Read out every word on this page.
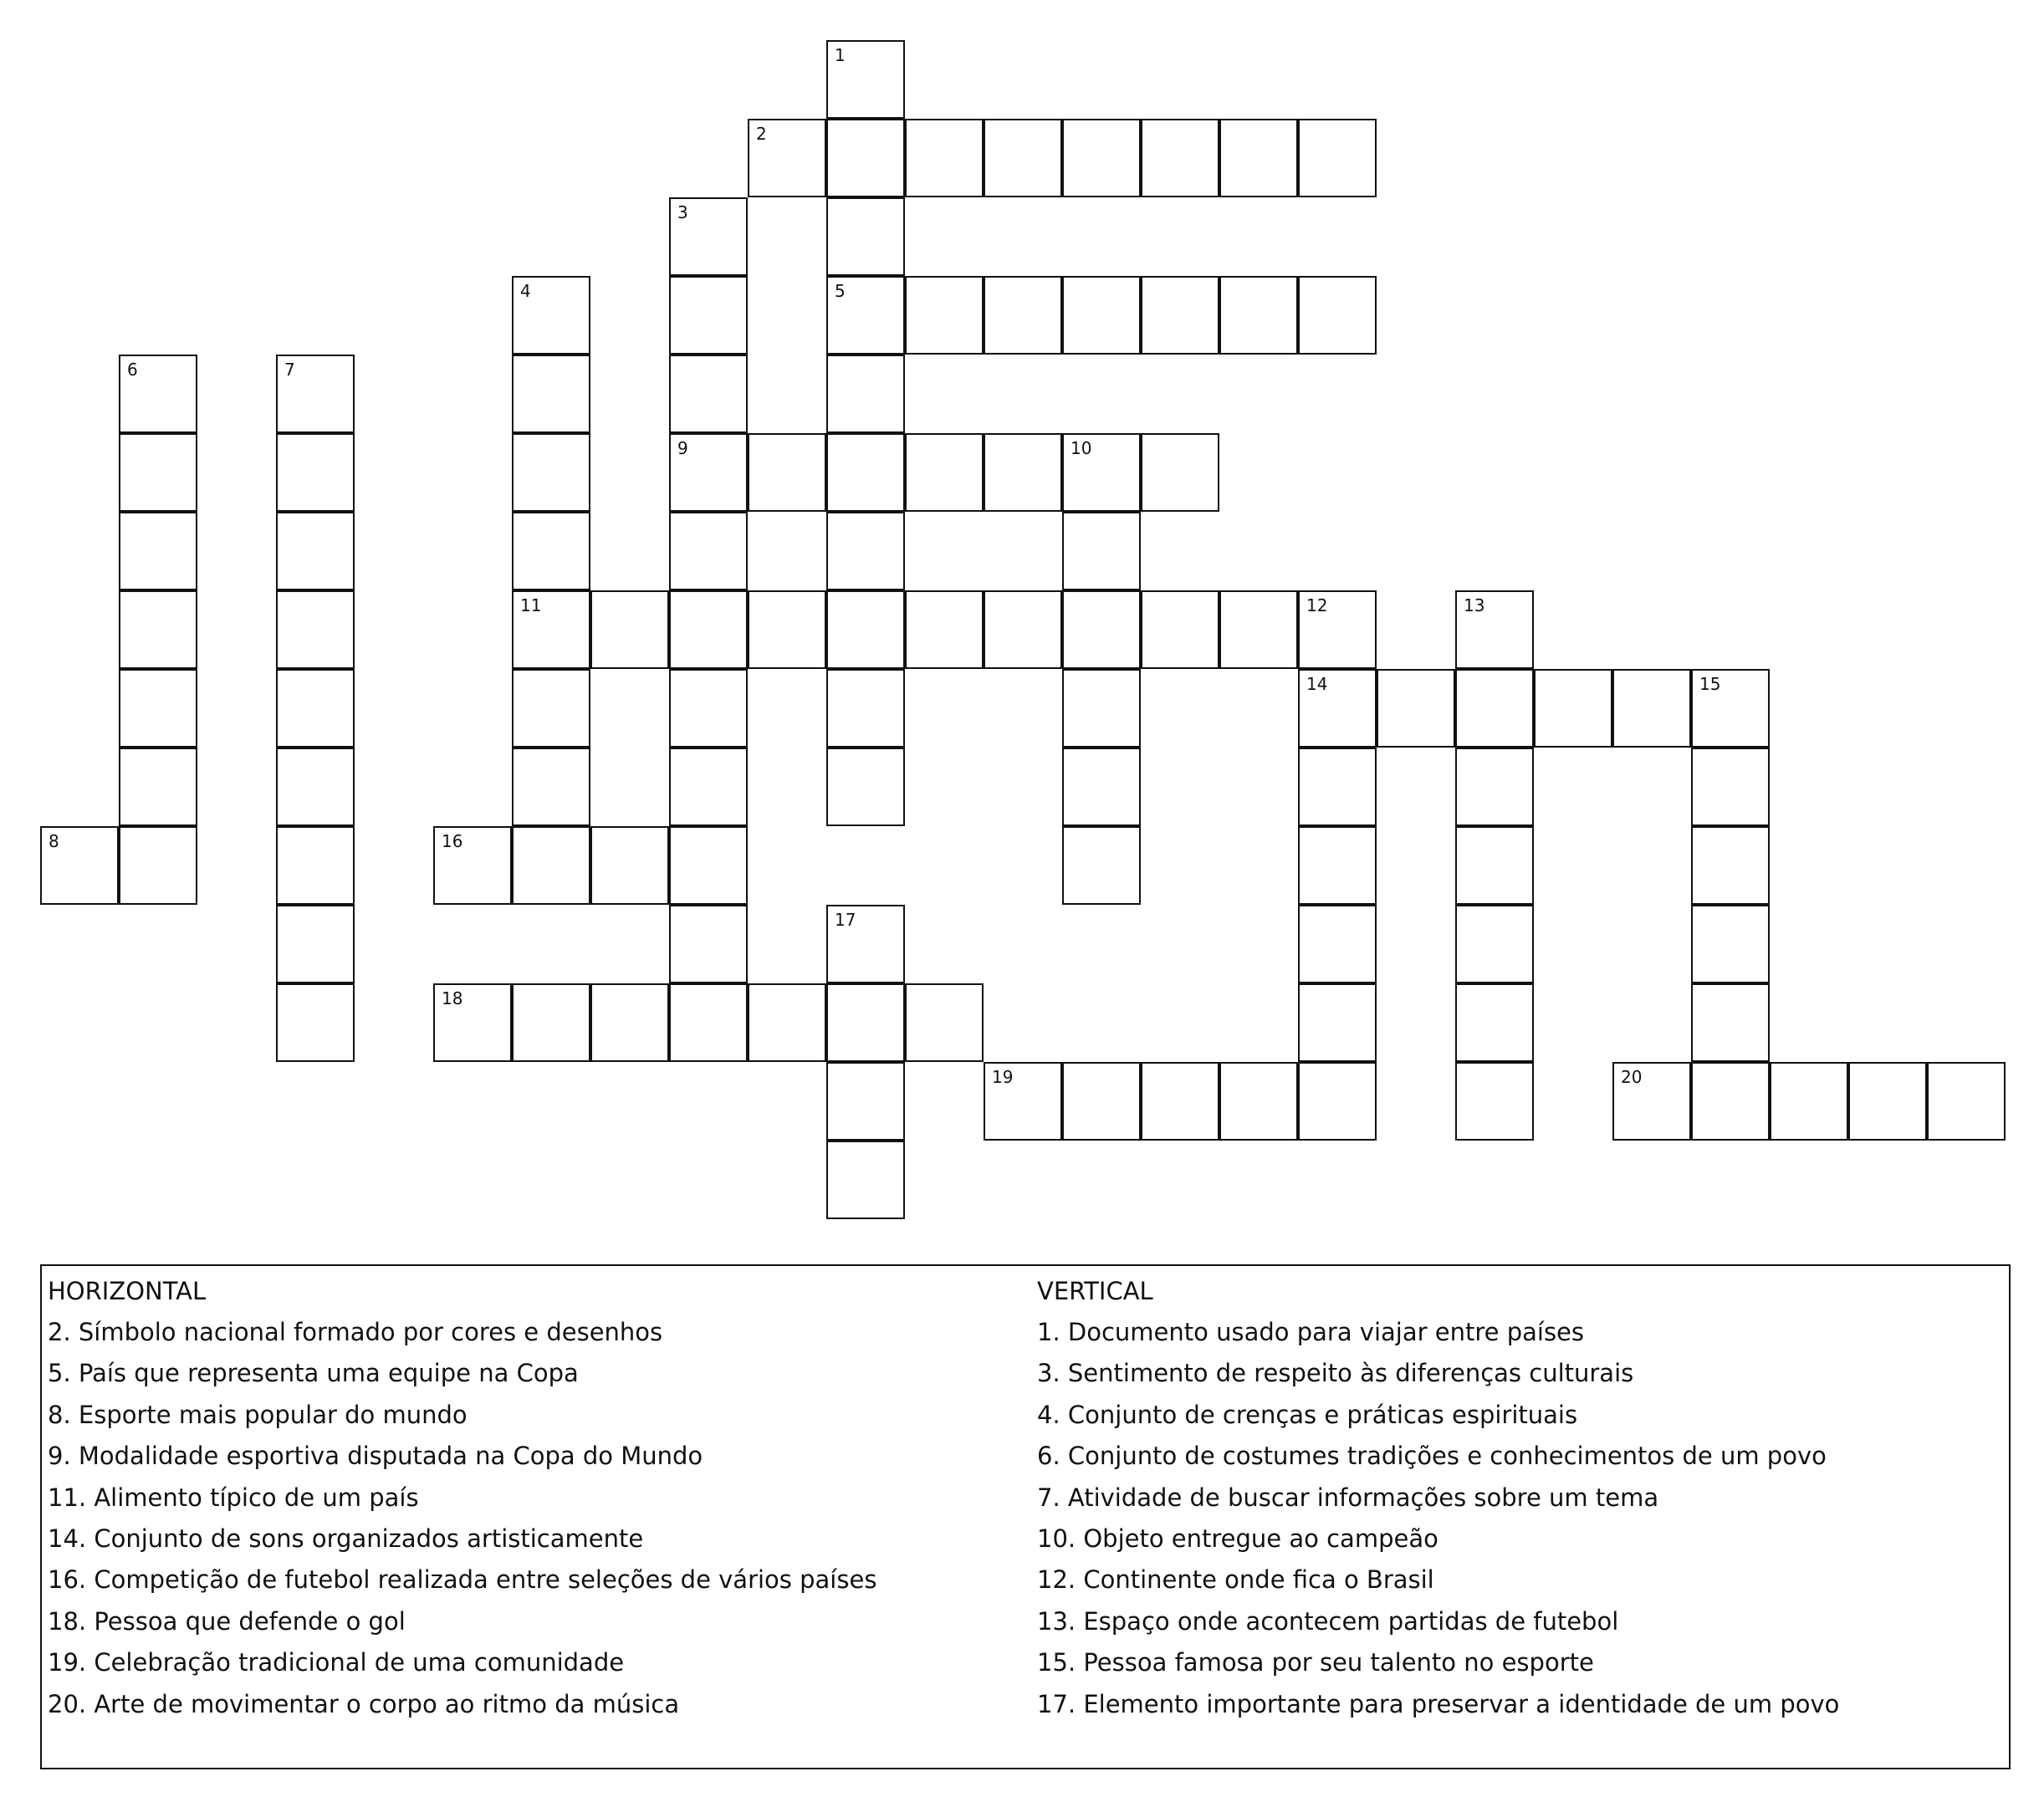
8
6	7
4
11	12
3
9	10
2
1
5
14	15
13
16
17
18
19	20
HORIZONTAL
2. Símbolo nacional formado por cores e desenhos
5. País que representa uma equipe na Copa
8. Esporte mais popular do mundo
9. Modalidade esportiva disputada na Copa do Mundo
11. Alimento típico de um país
14. Conjunto de sons organizados artisticamente
16. Competição de futebol realizada entre seleções de vários países
18. Pessoa que defende o gol
19. Celebração tradicional de uma comunidade
20. Arte de movimentar o corpo ao ritmo da música
VERTICAL
1. Documento usado para viajar entre países
3. Sentimento de respeito às diferenças culturais
4. Conjunto de crenças e práticas espirituais
6. Conjunto de costumes tradições e conhecimentos de um povo
7. Atividade de buscar informações sobre um tema
10. Objeto entregue ao campeão
12. Continente onde fica o Brasil
13. Espaço onde acontecem partidas de futebol
15. Pessoa famosa por seu talento no esporte
17. Elemento importante para preservar a identidade de um povo
